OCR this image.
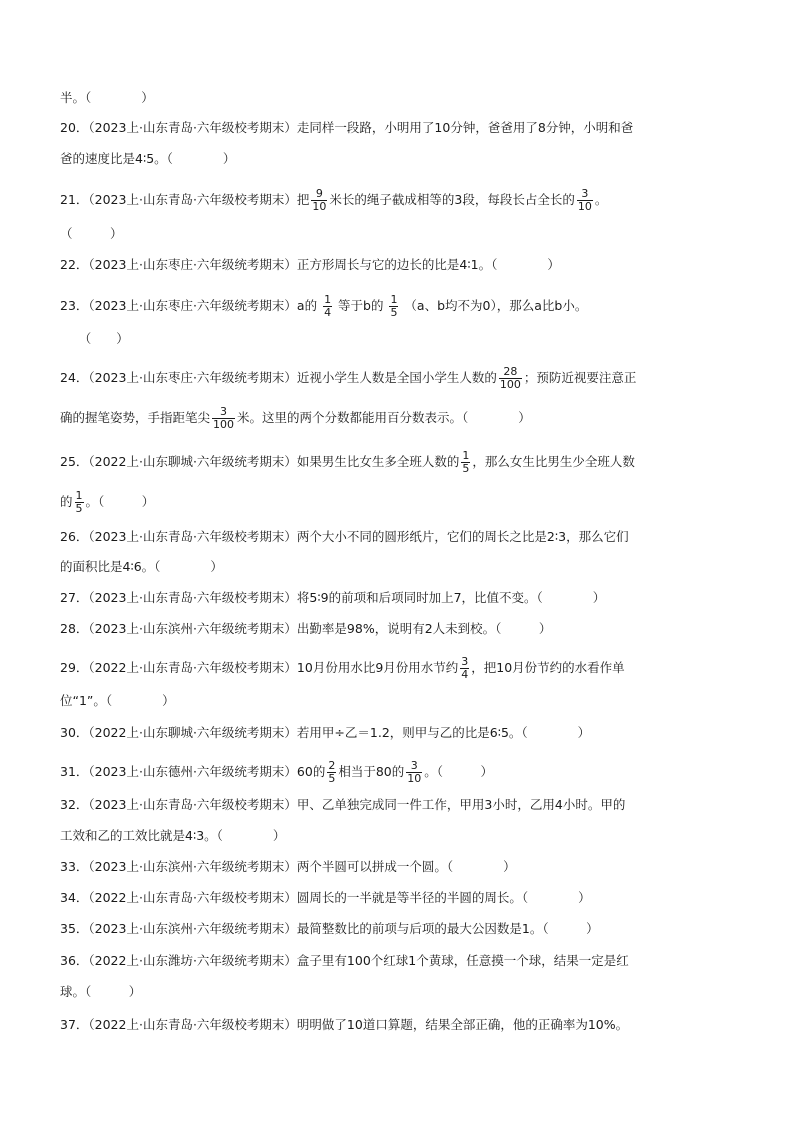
半。（　　　　）
20．（2023上·山东青岛·六年级校考期末）走同样一段路，小明用了10分钟，爸爸用了8分钟，小明和爸
爸的速度比是4∶5。（　　　　）
21．（2023上·山东青岛·六年级校考期末）把 $\frac{9}{10}$ 米长的绳子截成相等的3段，每段长占全长的 $\frac{3}{10}$ 。
（　　　）
22．（2023上·山东枣庄·六年级统考期末）正方形周长与它的边长的比是4∶1。（　　　　）
23．（2023上·山东枣庄·六年级统考期末）a的 $\frac{1}{4}$ 等于b的 $\frac{1}{5} (a$、b均不为0），那么a比b小。
　　（　　）
24．（2023上·山东枣庄·六年级统考期末）近视小学生人数是全国小学生人数的 $\frac{28}{100}$ ；预防近视要注意正
确的握笔姿势，手指距笔尖 $\frac{3}{100}$ 米。这里的两个分数都能用百分数表示。（　　　　）
25．（2022上·山东聊城·六年级统考期末）如果男生比女生多全班人数的 $\frac{1}{5}$ ，那么女生比男生少全班人数
的 $\frac{1}{5}$ 。（　　　）
26．（2023上·山东青岛·六年级校考期末）两个大小不同的圆形纸片，它们的周长之比是2∶3，那么它们
的面积比是4∶6。（　　　　）
27．（2023上·山东青岛·六年级校考期末）将5∶9的前项和后项同时加上7，比值不变。（　　　　）
28．（2023上·山东滨州·六年级统考期末）出勤率是98%，说明有2人未到校。（　　　）
29．（2022上·山东青岛·六年级校考期末）10月份用水比9月份用水节约 $\frac{3}{4}$ ，把10月份节约的水看作单
位“1”。（　　　　）
30．（2022上·山东聊城·六年级统考期末）若用甲÷乙＝1.2，则甲与乙的比是6∶5。（　　　　）
31．（2023上·山东德州·六年级统考期末）60的 $\frac{2}{5}$ 相当于80的 $\frac{3}{10}$ 。（　　　）
32．（2023上·山东青岛·六年级校考期末）甲、乙单独完成同一件工作，甲用3小时，乙用4小时。甲的
工效和乙的工效比就是4∶3。（　　　　）
33．（2023上·山东滨州·六年级统考期末）两个半圆可以拼成一个圆。（　　　　）
34．（2022上·山东青岛·六年级校考期末）圆周长的一半就是等半径的半圆的周长。（　　　　）
35．（2023上·山东滨州·六年级统考期末）最简整数比的前项与后项的最大公因数是1。（　　　）
36．（2022上·山东潍坊·六年级统考期末）盒子里有100个红球1个黄球，任意摸一个球，结果一定是红
球。（　　　）
37．（2022上·山东青岛·六年级校考期末）明明做了10道口算题，结果全部正确，他的正确率为10%。
